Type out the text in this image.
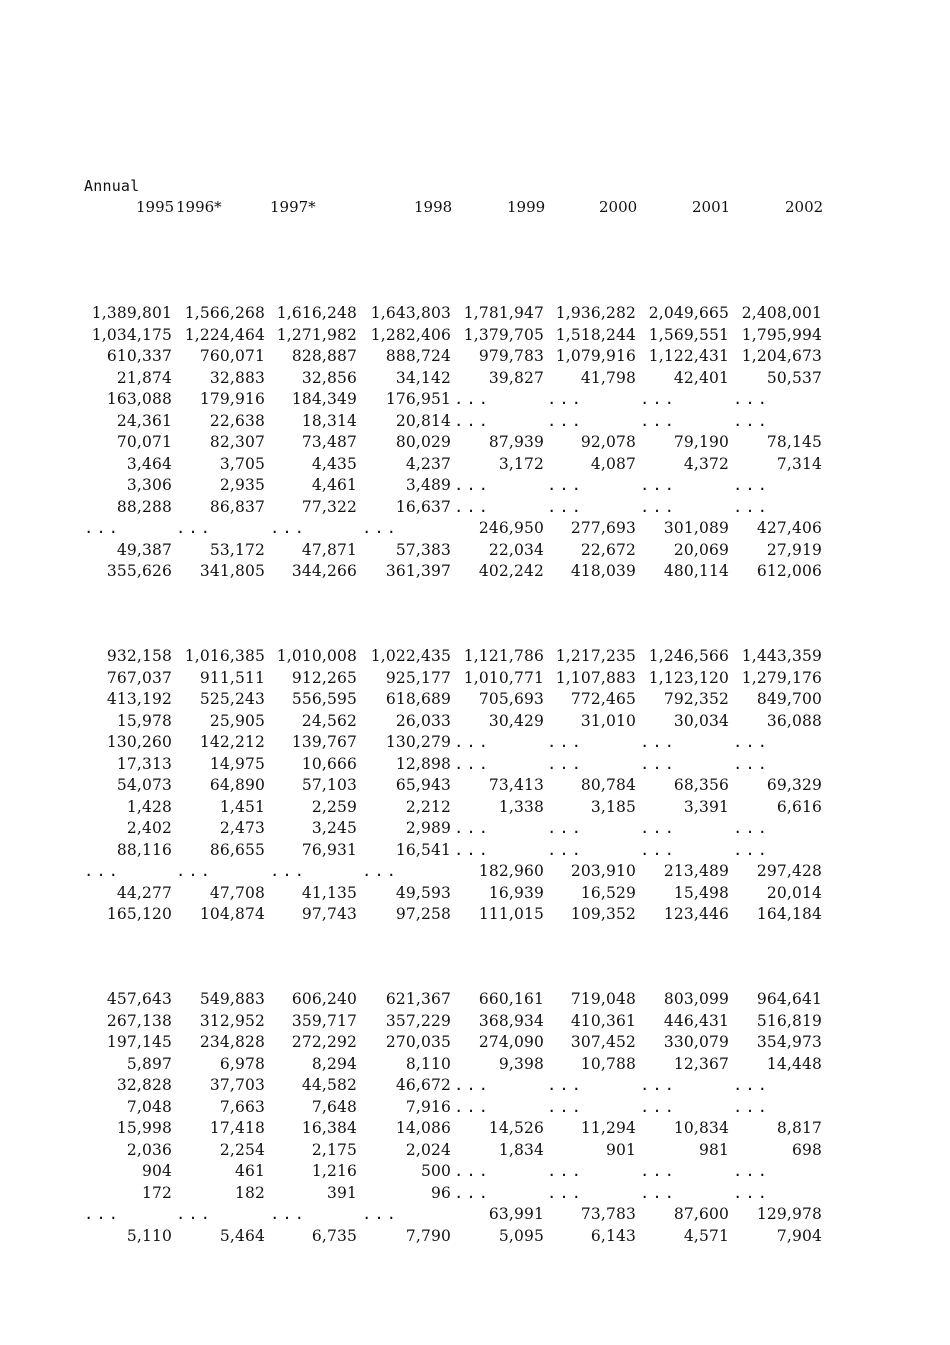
Annual
1995 1996*	1997*	1998	1999	2000	2001	2002
1,389,801 1,566,268 1,616,248 1,643,803 1,781,947 1,936,282 2,049,665 2,408,001
1,034,175 1,224,464 1,271,982 1,282,406 1,379,705 1,518,244 1,569,551 1,795,994
610,337	760,071	828,887	888,724	979,783 1,079,916 1,122,431 1,204,673
21,874	32,883	32,856	34,142	39,827	41,798	42,401	50,537
163,088	179,916	184,349	176,951 ...	...	...	...
24,361	22,638	18,314	20,814 ...	...	...	...
70,071	82,307	73,487	80,029	87,939	92,078	79,190	78,145
3,464	3,705	4,435	4,237	3,172	4,087	4,372	7,314
3,306	2,935	4,461	3,489 ...	...	...	...
88,288	86,837	77,322	16,637 ...	...	...	...
...	...	...	...	246,950	277,693	301,089	427,406
49,387	53,172	47,871	57,383	22,034	22,672	20,069	27,919
355,626	341,805	344,266	361,397	402,242	418,039	480,114	612,006
932,158 1,016,385 1,010,008 1,022,435 1,121,786 1,217,235 1,246,566 1,443,359
767,037	911,511	912,265	925,177 1,010,771 1,107,883 1,123,120 1,279,176
413,192	525,243	556,595	618,689	705,693	772,465	792,352	849,700
15,978	25,905	24,562	26,033	30,429	31,010	30,034	36,088
130,260	142,212	139,767	130,279 ...	...	...	...
17,313	14,975	10,666	12,898 ...	...	...	...
54,073	64,890	57,103	65,943	73,413	80,784	68,356	69,329
1,428	1,451	2,259	2,212	1,338	3,185	3,391	6,616
2,402	2,473	3,245	2,989 ...	...	...	...
88,116	86,655	76,931	16,541 ...	...	...	...
...	...	...	...	182,960	203,910	213,489	297,428
44,277	47,708	41,135	49,593	16,939	16,529	15,498	20,014
165,120	104,874	97,743	97,258	111,015	109,352	123,446	164,184
457,643	549,883	606,240	621,367	660,161	719,048	803,099	964,641
267,138	312,952	359,717	357,229	368,934	410,361	446,431	516,819
197,145	234,828	272,292	270,035	274,090	307,452	330,079	354,973
5,897	6,978	8,294	8,110	9,398	10,788	12,367	14,448
32,828	37,703	44,582	46,672 ...	...	...	...
7,048	7,663	7,648	7,916 ...	...	...	...
15,998	17,418	16,384	14,086	14,526	11,294	10,834	8,817
2,036	2,254	2,175	2,024	1,834	901	981	698
904	461	1,216	500 ...	...	...	...
172	182	391	96 ...	...	...	...
...	...	...	...	63,991	73,783	87,600	129,978
5,110	5,464	6,735	7,790	5,095	6,143	4,571	7,904
